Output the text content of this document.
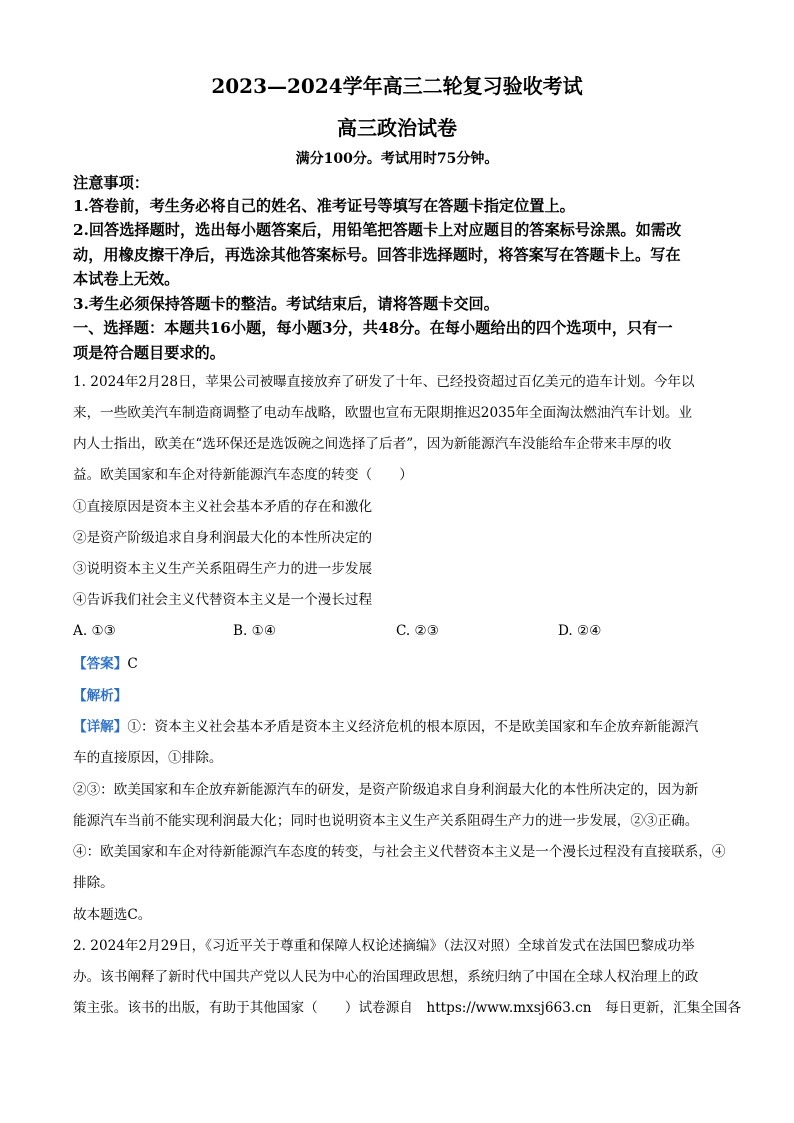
2023—2024学年高三二轮复习验收考试
高三政治试卷
满分100分。考试用时75分钟。
注意事项：
1.答卷前，考生务必将自己的姓名、准考证号等填写在答题卡指定位置上。
2.回答选择题时，选出每小题答案后，用铅笔把答题卡上对应题目的答案标号涂黑。如需改
动，用橡皮擦干净后，再选涂其他答案标号。回答非选择题时，将答案写在答题卡上。写在
本试卷上无效。
3.考生必须保持答题卡的整洁。考试结束后，请将答题卡交回。
一、选择题：本题共16小题，每小题3分，共48分。在每小题给出的四个选项中，只有一
项是符合题目要求的。
1. 2024年2月28日，苹果公司被曝直接放弃了研发了十年、已经投资超过百亿美元的造车计划。今年以
来，一些欧美汽车制造商调整了电动车战略，欧盟也宣布无限期推迟2035年全面淘汰燃油汽车计划。业
内人士指出，欧美在“选环保还是选饭碗之间选择了后者”，因为新能源汽车没能给车企带来丰厚的收
益。欧美国家和车企对待新能源汽车态度的转变（　　）
①直接原因是资本主义社会基本矛盾的存在和激化
②是资产阶级追求自身利润最大化的本性所决定的
③说明资本主义生产关系阻碍生产力的进一步发展
④告诉我们社会主义代替资本主义是一个漫长过程
A. ①③	B. ①④	C. ②③	D. ②④
【答案】C
【解析】
【详解】①：资本主义社会基本矛盾是资本主义经济危机的根本原因，不是欧美国家和车企放弃新能源汽
车的直接原因，①排除。
②③：欧美国家和车企放弃新能源汽车的研发，是资产阶级追求自身利润最大化的本性所决定的，因为新
能源汽车当前不能实现利润最大化；同时也说明资本主义生产关系阻碍生产力的进一步发展，②③正确。
④：欧美国家和车企对待新能源汽车态度的转变，与社会主义代替资本主义是一个漫长过程没有直接联系，④
排除。
故本题选C。
2. 2024年2月29日，《习近平关于尊重和保障人权论述摘编》（法汉对照）全球首发式在法国巴黎成功举
办。该书阐释了新时代中国共产党以人民为中心的治国理政思想，系统归纳了中国在全球人权治理上的政
策主张。该书的出版，有助于其他国家（　　）试卷源自　https://www.mxsj663.cn　每日更新，汇集全国各
